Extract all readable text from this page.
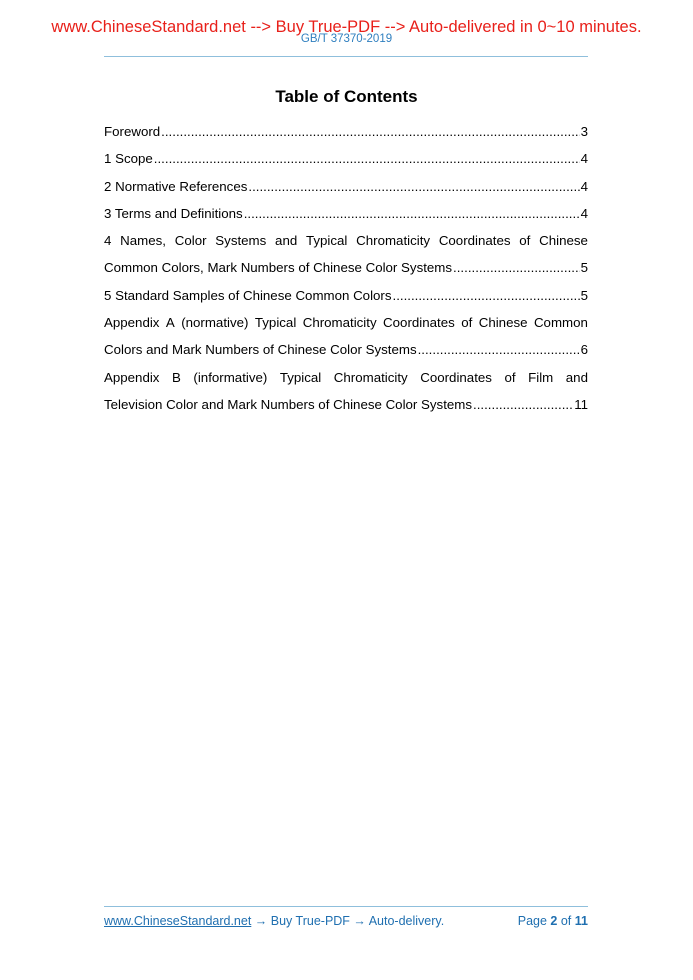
www.ChineseStandard.net --> Buy True-PDF --> Auto-delivered in 0~10 minutes.
GB/T 37370-2019
Table of Contents
Foreword .....	3
1 Scope .....	4
2 Normative References .....	4
3 Terms and Definitions .....	4
4 Names, Color Systems and Typical Chromaticity Coordinates of Chinese
Common Colors, Mark Numbers of Chinese Color Systems .....	5
5 Standard Samples of Chinese Common Colors .....	5
Appendix A (normative) Typical Chromaticity Coordinates of Chinese Common
Colors and Mark Numbers of Chinese Color Systems .....	6
Appendix B (informative) Typical Chromaticity Coordinates of Film and
Television Color and Mark Numbers of Chinese Color Systems .....	11
www.ChineseStandard.net → Buy True-PDF → Auto-delivery.	Page 2 of 11
